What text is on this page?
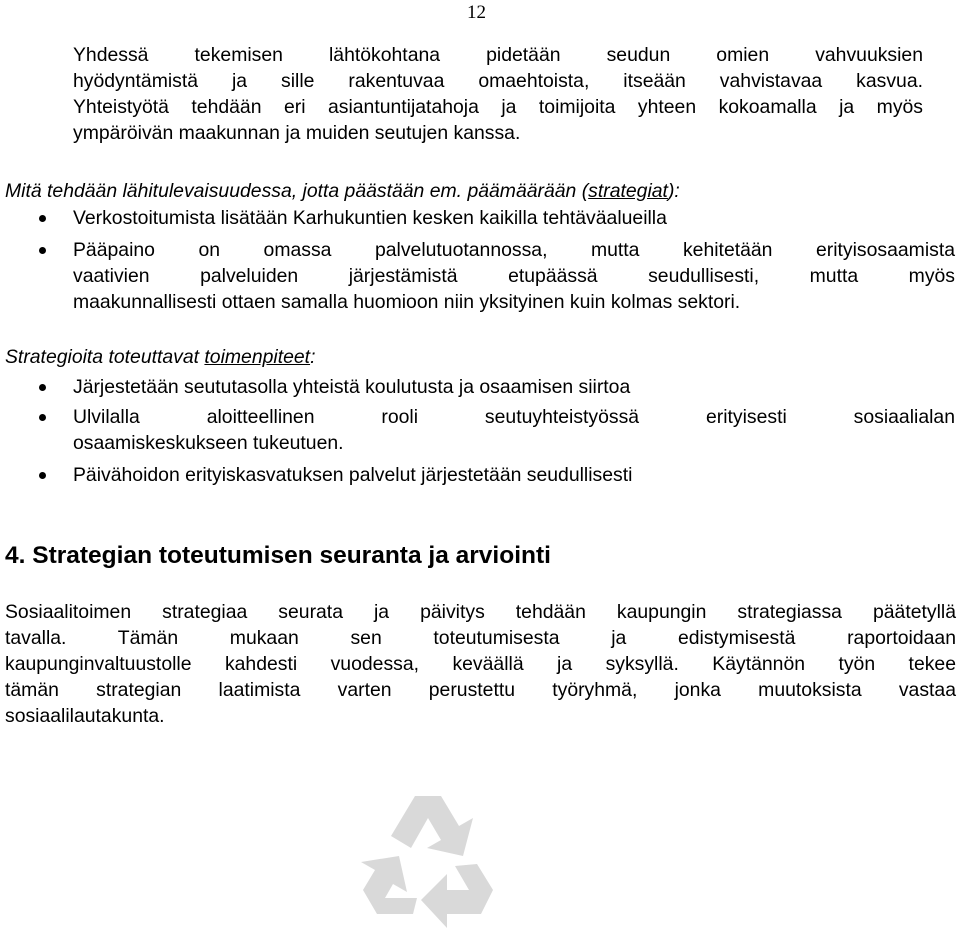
12
Yhdessä tekemisen lähtökohtana pidetään seudun omien vahvuuksien
hyödyntämistä ja sille rakentuvaa omaehtoista, itseään vahvistavaa kasvua.
Yhteistyötä tehdään eri asiantuntijatahoja ja toimijoita yhteen kokoamalla ja myös
ympäröivän maakunnan ja muiden seutujen kanssa.
Mitä tehdään lähitulevaisuudessa, jotta päästään em. päämäärään (strategiat):
Verkostoitumista lisätään Karhukuntien kesken kaikilla tehtäväalueilla
Pääpaino on omassa palvelutuotannossa, mutta kehitetään erityisosaamista
vaativien palveluiden järjestämistä etupäässä seudullisesti, mutta myös
maakunnallisesti ottaen samalla huomioon niin yksityinen kuin kolmas sektori.
Strategioita toteuttavat toimenpiteet:
Järjestetään seututasolla yhteistä koulutusta ja osaamisen siirtoa
Ulvilalla aloitteellinen rooli seutuyhteistyössä erityisesti sosiaalialan
osaamiskeskukseen tukeutuen.
Päivähoidon erityiskasvatuksen palvelut järjestetään seudullisesti
4. Strategian toteutumisen seuranta ja arviointi
Sosiaalitoimen strategiaa seurata ja päivitys tehdään kaupungin strategiassa päätetyllä
tavalla. Tämän mukaan sen toteutumisesta ja edistymisestä raportoidaan
kaupunginvaltuustolle kahdesti vuodessa, keväällä ja syksyllä. Käytännön työn tekee
tämän strategian laatimista varten perustettu työryhmä, jonka muutoksista vastaa
sosiaalilautakunta.
